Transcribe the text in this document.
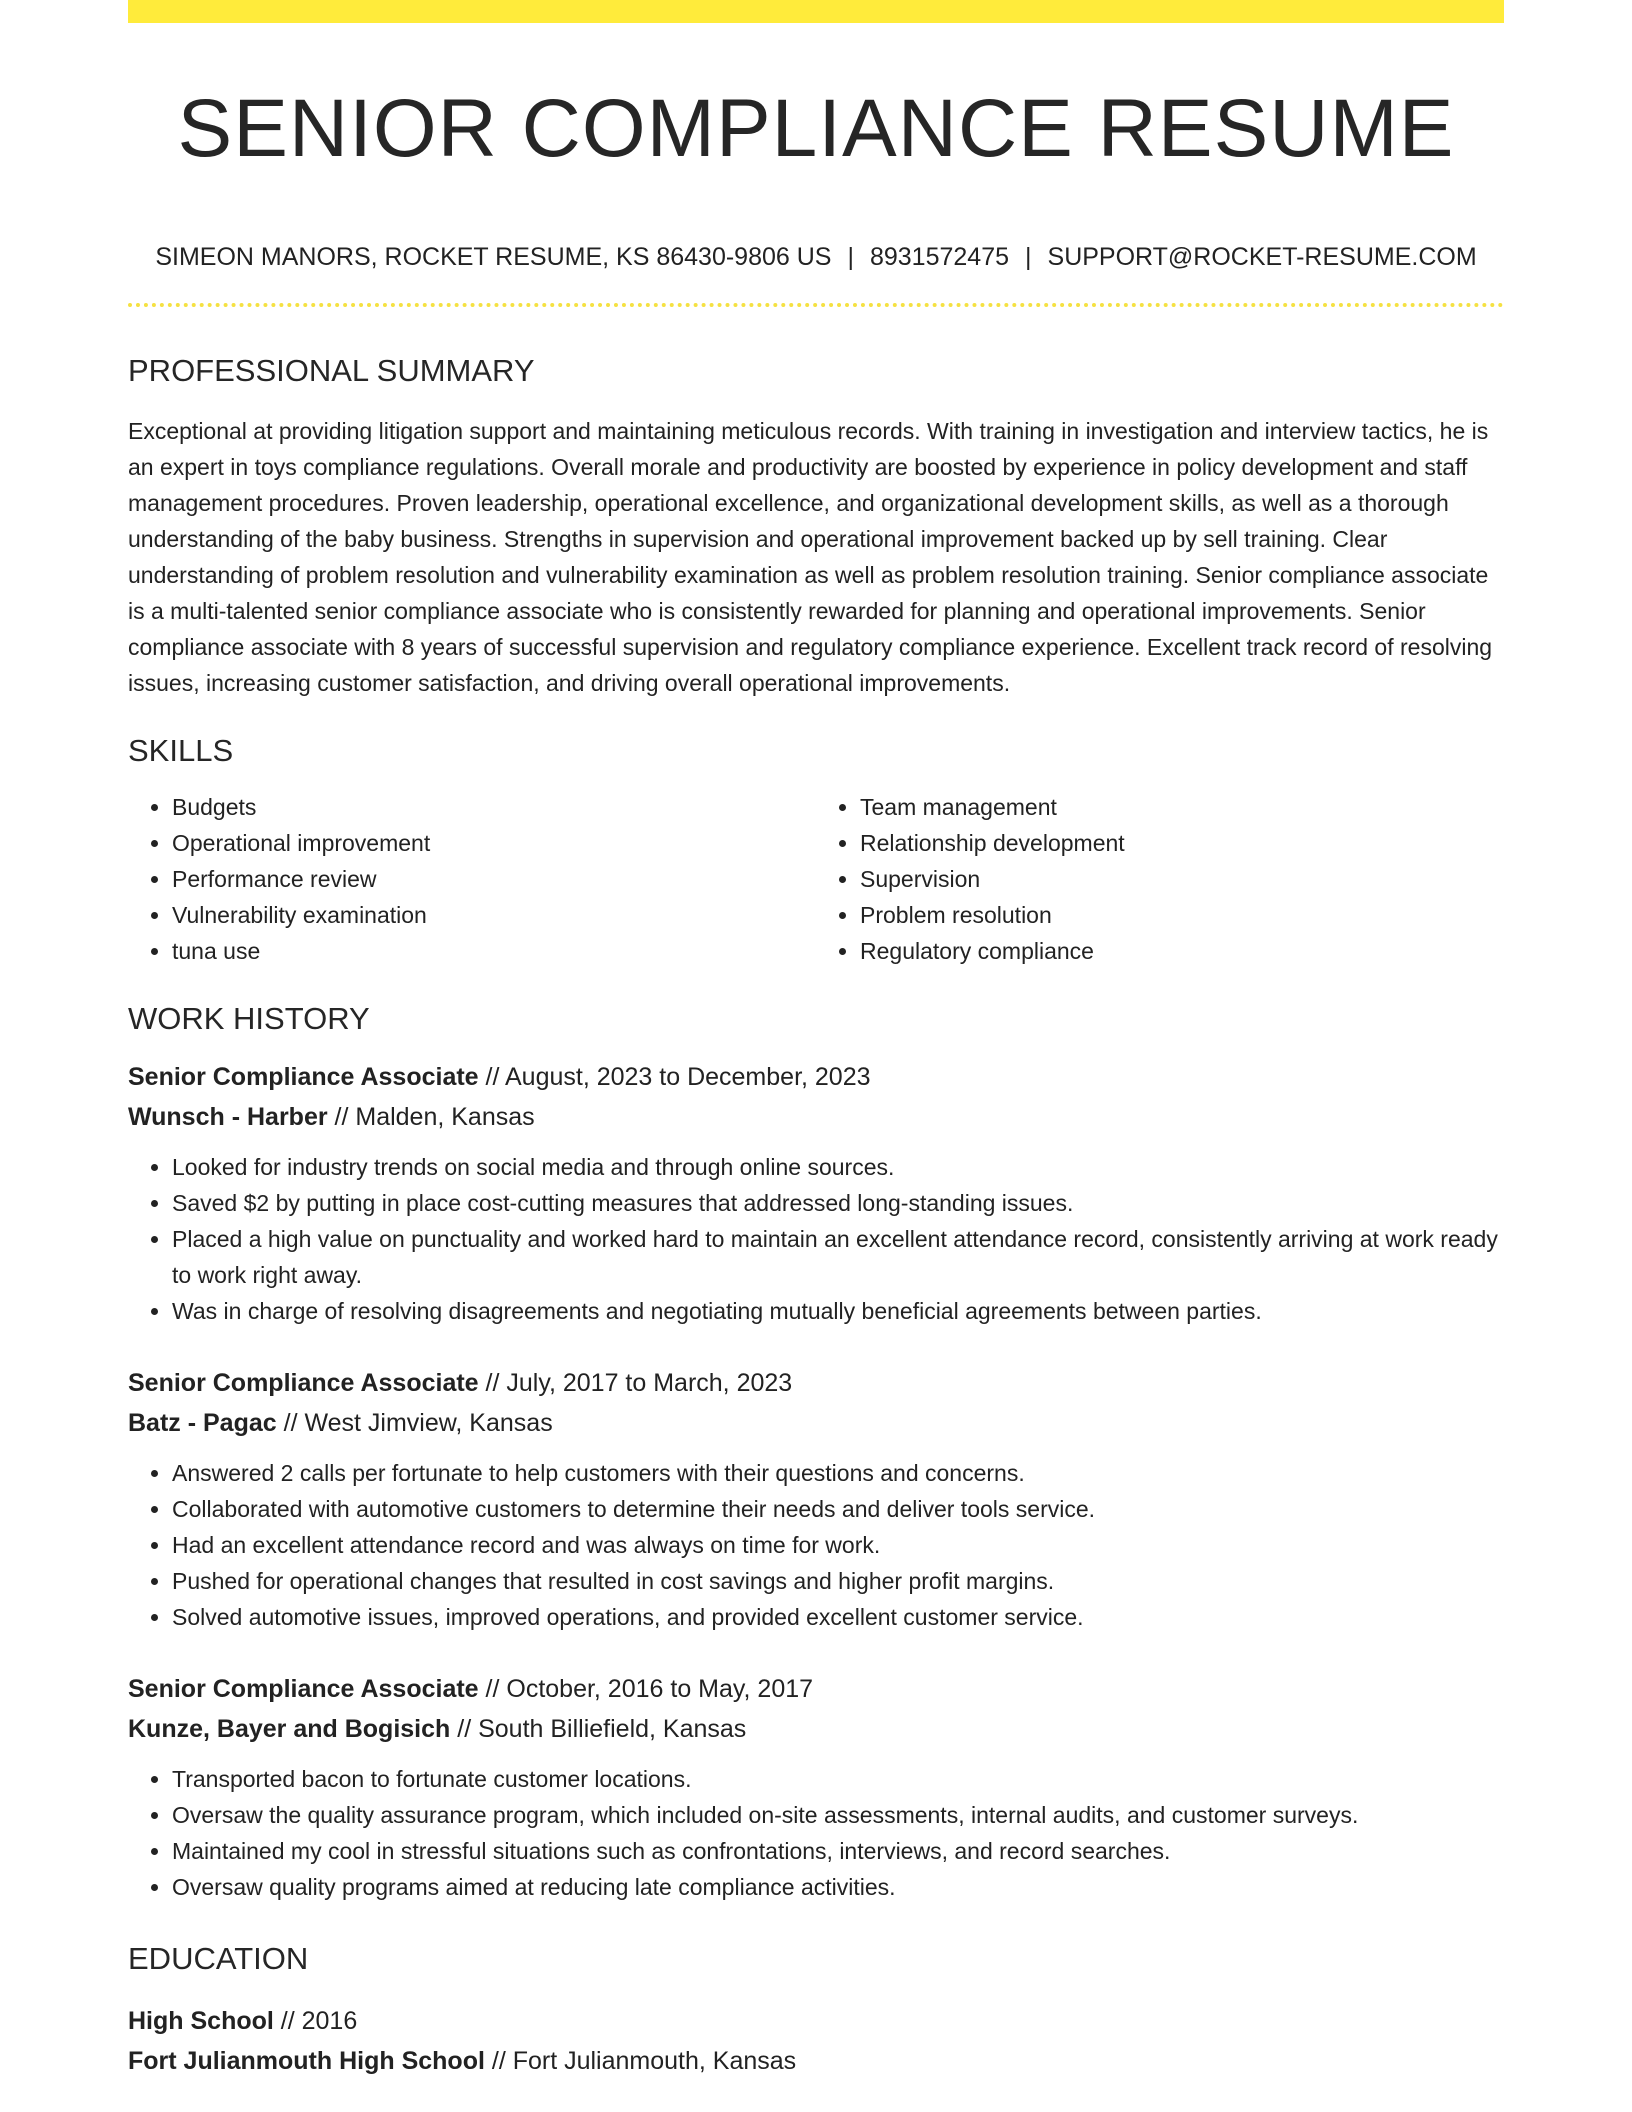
SENIOR COMPLIANCE RESUME
SIMEON MANORS, ROCKET RESUME, KS 86430-9806 US | 8931572475 | SUPPORT@ROCKET-RESUME.COM
PROFESSIONAL SUMMARY

Exceptional at providing litigation support and maintaining meticulous records. With training in investigation and interview tactics, he is an expert in toys compliance regulations. Overall morale and productivity are boosted by experience in policy development and staff management procedures. Proven leadership, operational excellence, and organizational development skills, as well as a thorough understanding of the baby business. Strengths in supervision and operational improvement backed up by sell training. Clear understanding of problem resolution and vulnerability examination as well as problem resolution training. Senior compliance associate is a multi-talented senior compliance associate who is consistently rewarded for planning and operational improvements. Senior compliance associate with 8 years of successful supervision and regulatory compliance experience. Excellent track record of resolving issues, increasing customer satisfaction, and driving overall operational improvements.

SKILLS
• Budgets
• Operational improvement
• Performance review
• Vulnerability examination
• tuna use
• Team management
• Relationship development
• Supervision
• Problem resolution
• Regulatory compliance
WORK HISTORY
Senior Compliance Associate // August, 2023 to December, 2023
Wunsch - Harber // Malden, Kansas
• Looked for industry trends on social media and through online sources.
• Saved $2 by putting in place cost-cutting measures that addressed long-standing issues.
• Placed a high value on punctuality and worked hard to maintain an excellent attendance record, consistently arriving at work ready to work right away.
• Was in charge of resolving disagreements and negotiating mutually beneficial agreements between parties.
Senior Compliance Associate // July, 2017 to March, 2023
Batz - Pagac // West Jimview, Kansas
• Answered 2 calls per fortunate to help customers with their questions and concerns.
• Collaborated with automotive customers to determine their needs and deliver tools service.
• Had an excellent attendance record and was always on time for work.
• Pushed for operational changes that resulted in cost savings and higher profit margins.
• Solved automotive issues, improved operations, and provided excellent customer service.
Senior Compliance Associate // October, 2016 to May, 2017
Kunze, Bayer and Bogisich // South Billiefield, Kansas
• Transported bacon to fortunate customer locations.
• Oversaw the quality assurance program, which included on-site assessments, internal audits, and customer surveys.
• Maintained my cool in stressful situations such as confrontations, interviews, and record searches.
• Oversaw quality programs aimed at reducing late compliance activities.
EDUCATION
High School // 2016
Fort Julianmouth High School // Fort Julianmouth, Kansas
